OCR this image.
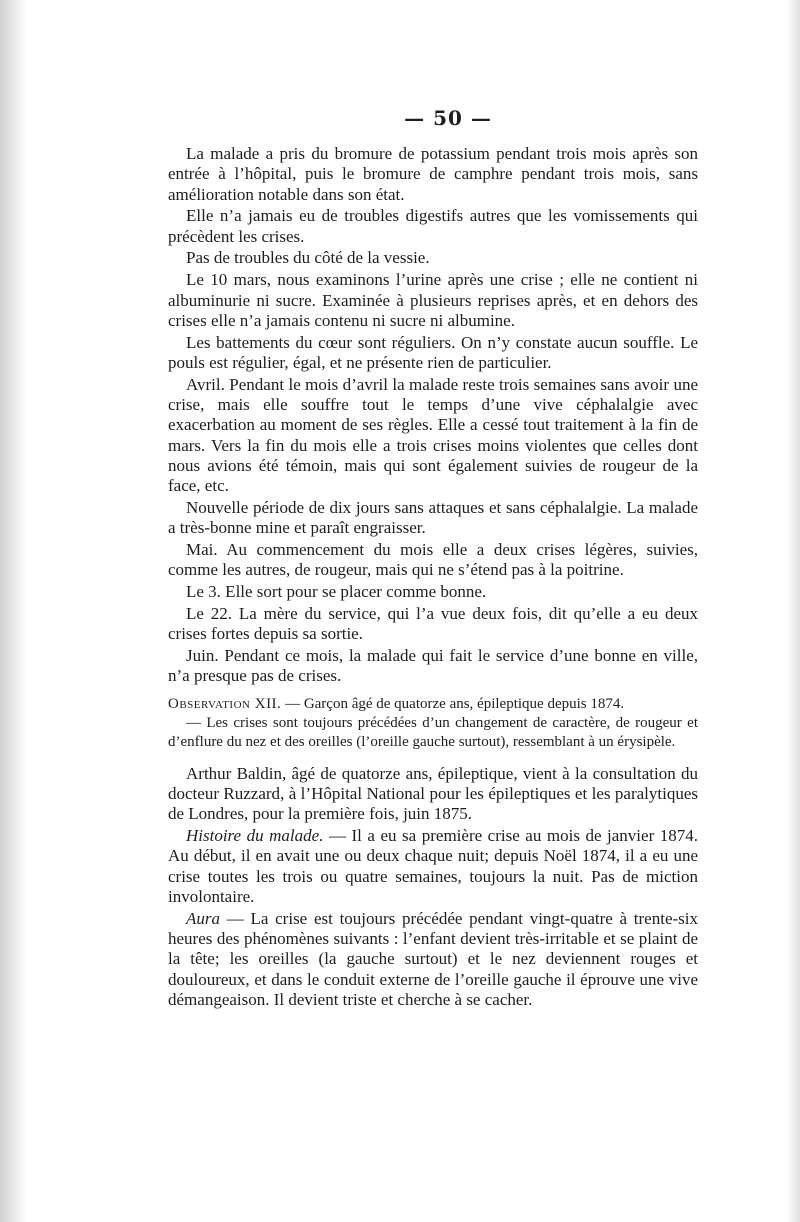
— 50 —

La malade a pris du bromure de potassium pendant trois mois après son entrée à l’hôpital, puis le bromure de camphre pendant trois mois, sans amélioration notable dans son état.

Elle n’a jamais eu de troubles digestifs autres que les vomissements qui précèdent les crises.

Pas de troubles du côté de la vessie.

Le 10 mars, nous examinons l’urine après une crise ; elle ne contient ni albuminurie ni sucre. Examinée à plusieurs reprises après, et en dehors des crises elle n’a jamais contenu ni sucre ni albumine.

Les battements du cœur sont réguliers. On n’y constate aucun souffle. Le pouls est régulier, égal, et ne présente rien de particulier.

Avril. Pendant le mois d’avril la malade reste trois semaines sans avoir une crise, mais elle souffre tout le temps d’une vive céphalalgie avec exacerbation au moment de ses règles. Elle a cessé tout traitement à la fin de mars. Vers la fin du mois elle a trois crises moins violentes que celles dont nous avions été témoin, mais qui sont également suivies de rougeur de la face, etc.

Nouvelle période de dix jours sans attaques et sans céphalalgie. La malade a très-bonne mine et paraît engraisser.

Mai. Au commencement du mois elle a deux crises légères, suivies, comme les autres, de rougeur, mais qui ne s’étend pas à la poitrine.

Le 3. Elle sort pour se placer comme bonne.

Le 22. La mère du service, qui l’a vue deux fois, dit qu’elle a eu deux crises fortes depuis sa sortie.

Juin. Pendant ce mois, la malade qui fait le service d’une bonne en ville, n’a presque pas de crises.

Observation XII. — Garçon âgé de quatorze ans, épileptique depuis 1874.

— Les crises sont toujours précédées d’un changement de caractère, de rougeur et d’enflure du nez et des oreilles (l’oreille gauche surtout), ressemblant à un érysipèle.

Arthur Baldin, âgé de quatorze ans, épileptique, vient à la consultation du docteur Ruzzard, à l’Hôpital National pour les épileptiques et les paralytiques de Londres, pour la première fois, juin 1875.

Histoire du malade. — Il a eu sa première crise au mois de janvier 1874. Au début, il en avait une ou deux chaque nuit; depuis Noël 1874, il a eu une crise toutes les trois ou quatre semaines, toujours la nuit. Pas de miction involontaire.

Aura — La crise est toujours précédée pendant vingt-quatre à trente-six heures des phénomènes suivants : l’enfant devient très-irritable et se plaint de la tête; les oreilles (la gauche surtout) et le nez deviennent rouges et douloureux, et dans le conduit externe de l’oreille gauche il éprouve une vive démangeaison. Il devient triste et cherche à se cacher.
